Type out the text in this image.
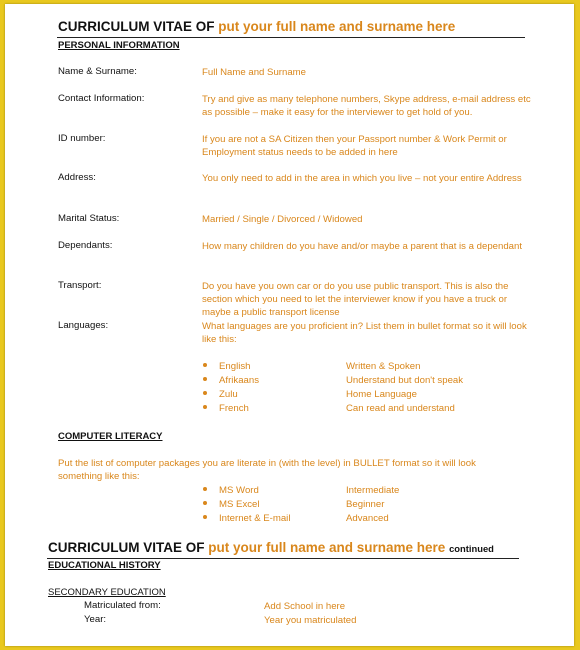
CURRICULUM VITAE OF put your full name and surname here
PERSONAL INFORMATION
Name & Surname:	Full Name and Surname
Contact Information:	Try and give as many telephone numbers, Skype address, e-mail address etc as possible – make it easy for the interviewer to get hold of you.
ID number:	If you are not a SA Citizen then your Passport number & Work Permit or Employment status needs to be added in here
Address:	You only need to add in the area in which you live – not your entire Address
Marital Status:	Married / Single / Divorced / Widowed
Dependants:	How many children do you have and/or maybe a parent that is a dependant
Transport:	Do you have you own car or do you use public transport. This is also the section which you need to let the interviewer know if you have a truck or maybe a public transport license
Languages:	What languages are you proficient in? List them in bullet format so it will look like this:
English	Written & Spoken
Afrikaans	Understand but don't speak
Zulu	Home Language
French	Can read and understand
COMPUTER LITERACY
Put the list of computer packages you are literate in (with the level) in BULLET format so it will look something like this:
MS Word	Intermediate
MS Excel	Beginner
Internet & E-mail	Advanced
CURRICULUM VITAE OF put your full name and surname here continued
EDUCATIONAL HISTORY
SECONDARY EDUCATION
Matriculated from:	Add School in here
Year:	Year you matriculated
